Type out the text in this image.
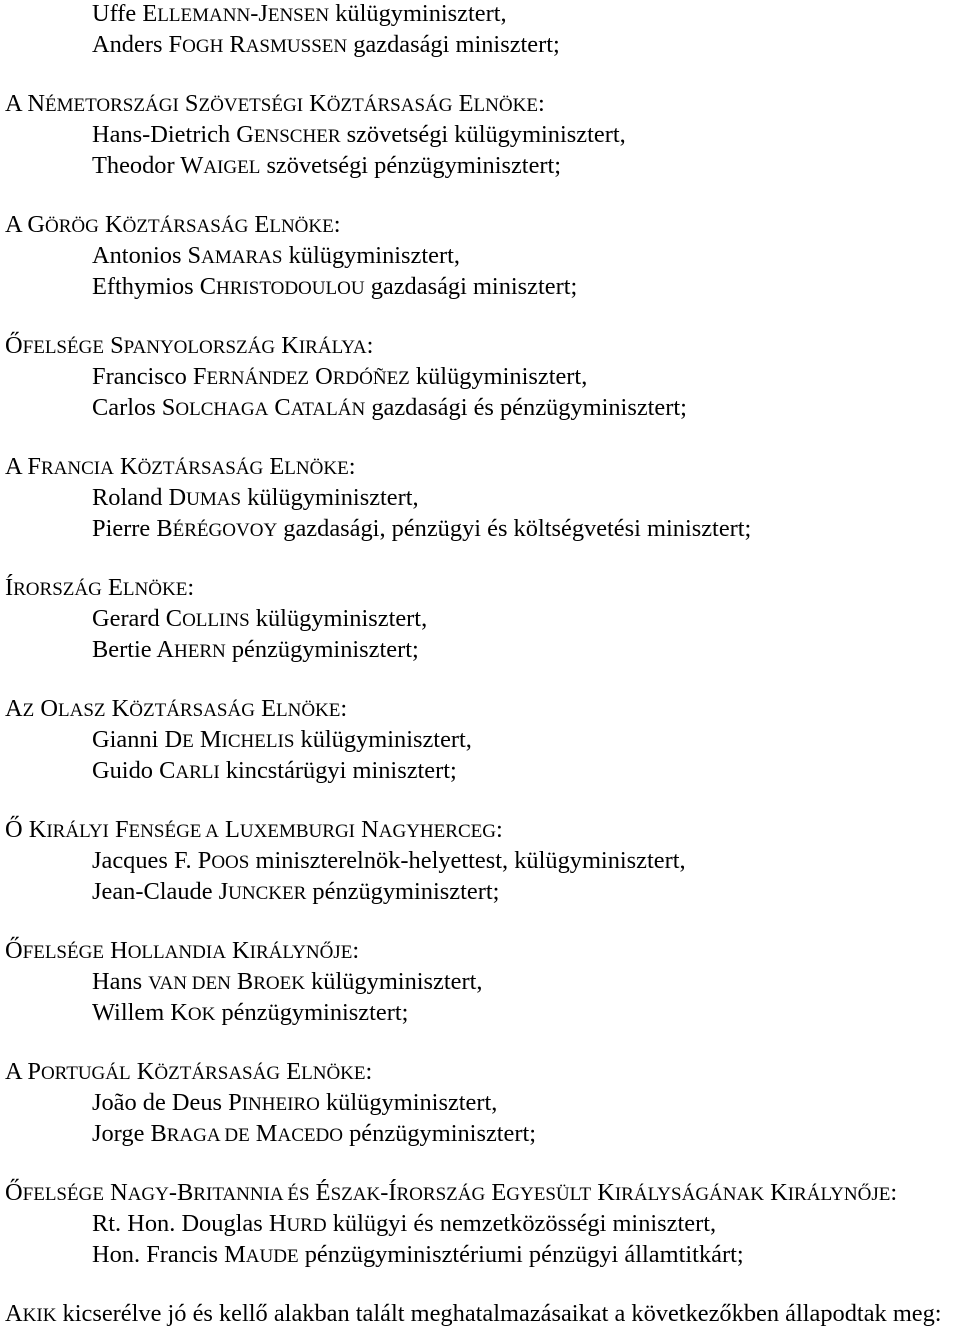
Uffe ELLEMANN-JENSEN külügyminisztert,
Anders FOGH RASMUSSEN gazdasági minisztert;
A NÉMETORSZÁGI SZÖVETSÉGI KÖZTÁRSASÁG ELNÖKE:
Hans-Dietrich GENSCHER szövetségi külügyminisztert,
Theodor WAIGEL szövetségi pénzügyminisztert;
A GÖRÖG KÖZTÁRSASÁG ELNÖKE:
Antonios SAMARAS külügyminisztert,
Efthymios CHRISTODOULOU gazdasági minisztert;
ŐFELSÉGE SPANYOLORSZÁG KIRÁLYA:
Francisco FERNÁNDEZ ORDÓÑEZ külügyminisztert,
Carlos SOLCHAGA CATALÁN gazdasági és pénzügyminisztert;
A FRANCIA KÖZTÁRSASÁG ELNÖKE:
Roland DUMAS külügyminisztert,
Pierre BÉRÉGOVOY gazdasági, pénzügyi és költségvetési minisztert;
ÍRORSZÁG ELNÖKE:
Gerard COLLINS külügyminisztert,
Bertie AHERN pénzügyminisztert;
AZ OLASZ KÖZTÁRSASÁG ELNÖKE:
Gianni DE MICHELIS külügyminisztert,
Guido CARLI kincstárügyi minisztert;
Ő KIRÁLYI FENSÉGE A LUXEMBURGI NAGYHERCEG:
Jacques F. POOS miniszterelnök-helyettest, külügyminisztert,
Jean-Claude JUNCKER pénzügyminisztert;
ŐFELSÉGE HOLLANDIA KIRÁLYNŐJE:
Hans VAN DEN BROEK külügyminisztert,
Willem KOK pénzügyminisztert;
A PORTUGÁL KÖZTÁRSASÁG ELNÖKE:
João de Deus PINHEIRO külügyminisztert,
Jorge BRAGA DE MACEDO pénzügyminisztert;
ŐFELSÉGE NAGY-BRITANNIA ÉS ÉSZAK-ÍRORSZÁG EGYESÜLT KIRÁLYSÁGÁNAK KIRÁLYNŐJE:
Rt. Hon. Douglas HURD külügyi és nemzetközösségi minisztert,
Hon. Francis MAUDE pénzügyminisztériumi pénzügyi államtitkárt;
AKIK kicserélve jó és kellő alakban talált meghatalmazásaikat a következőkben állapodtak meg:
